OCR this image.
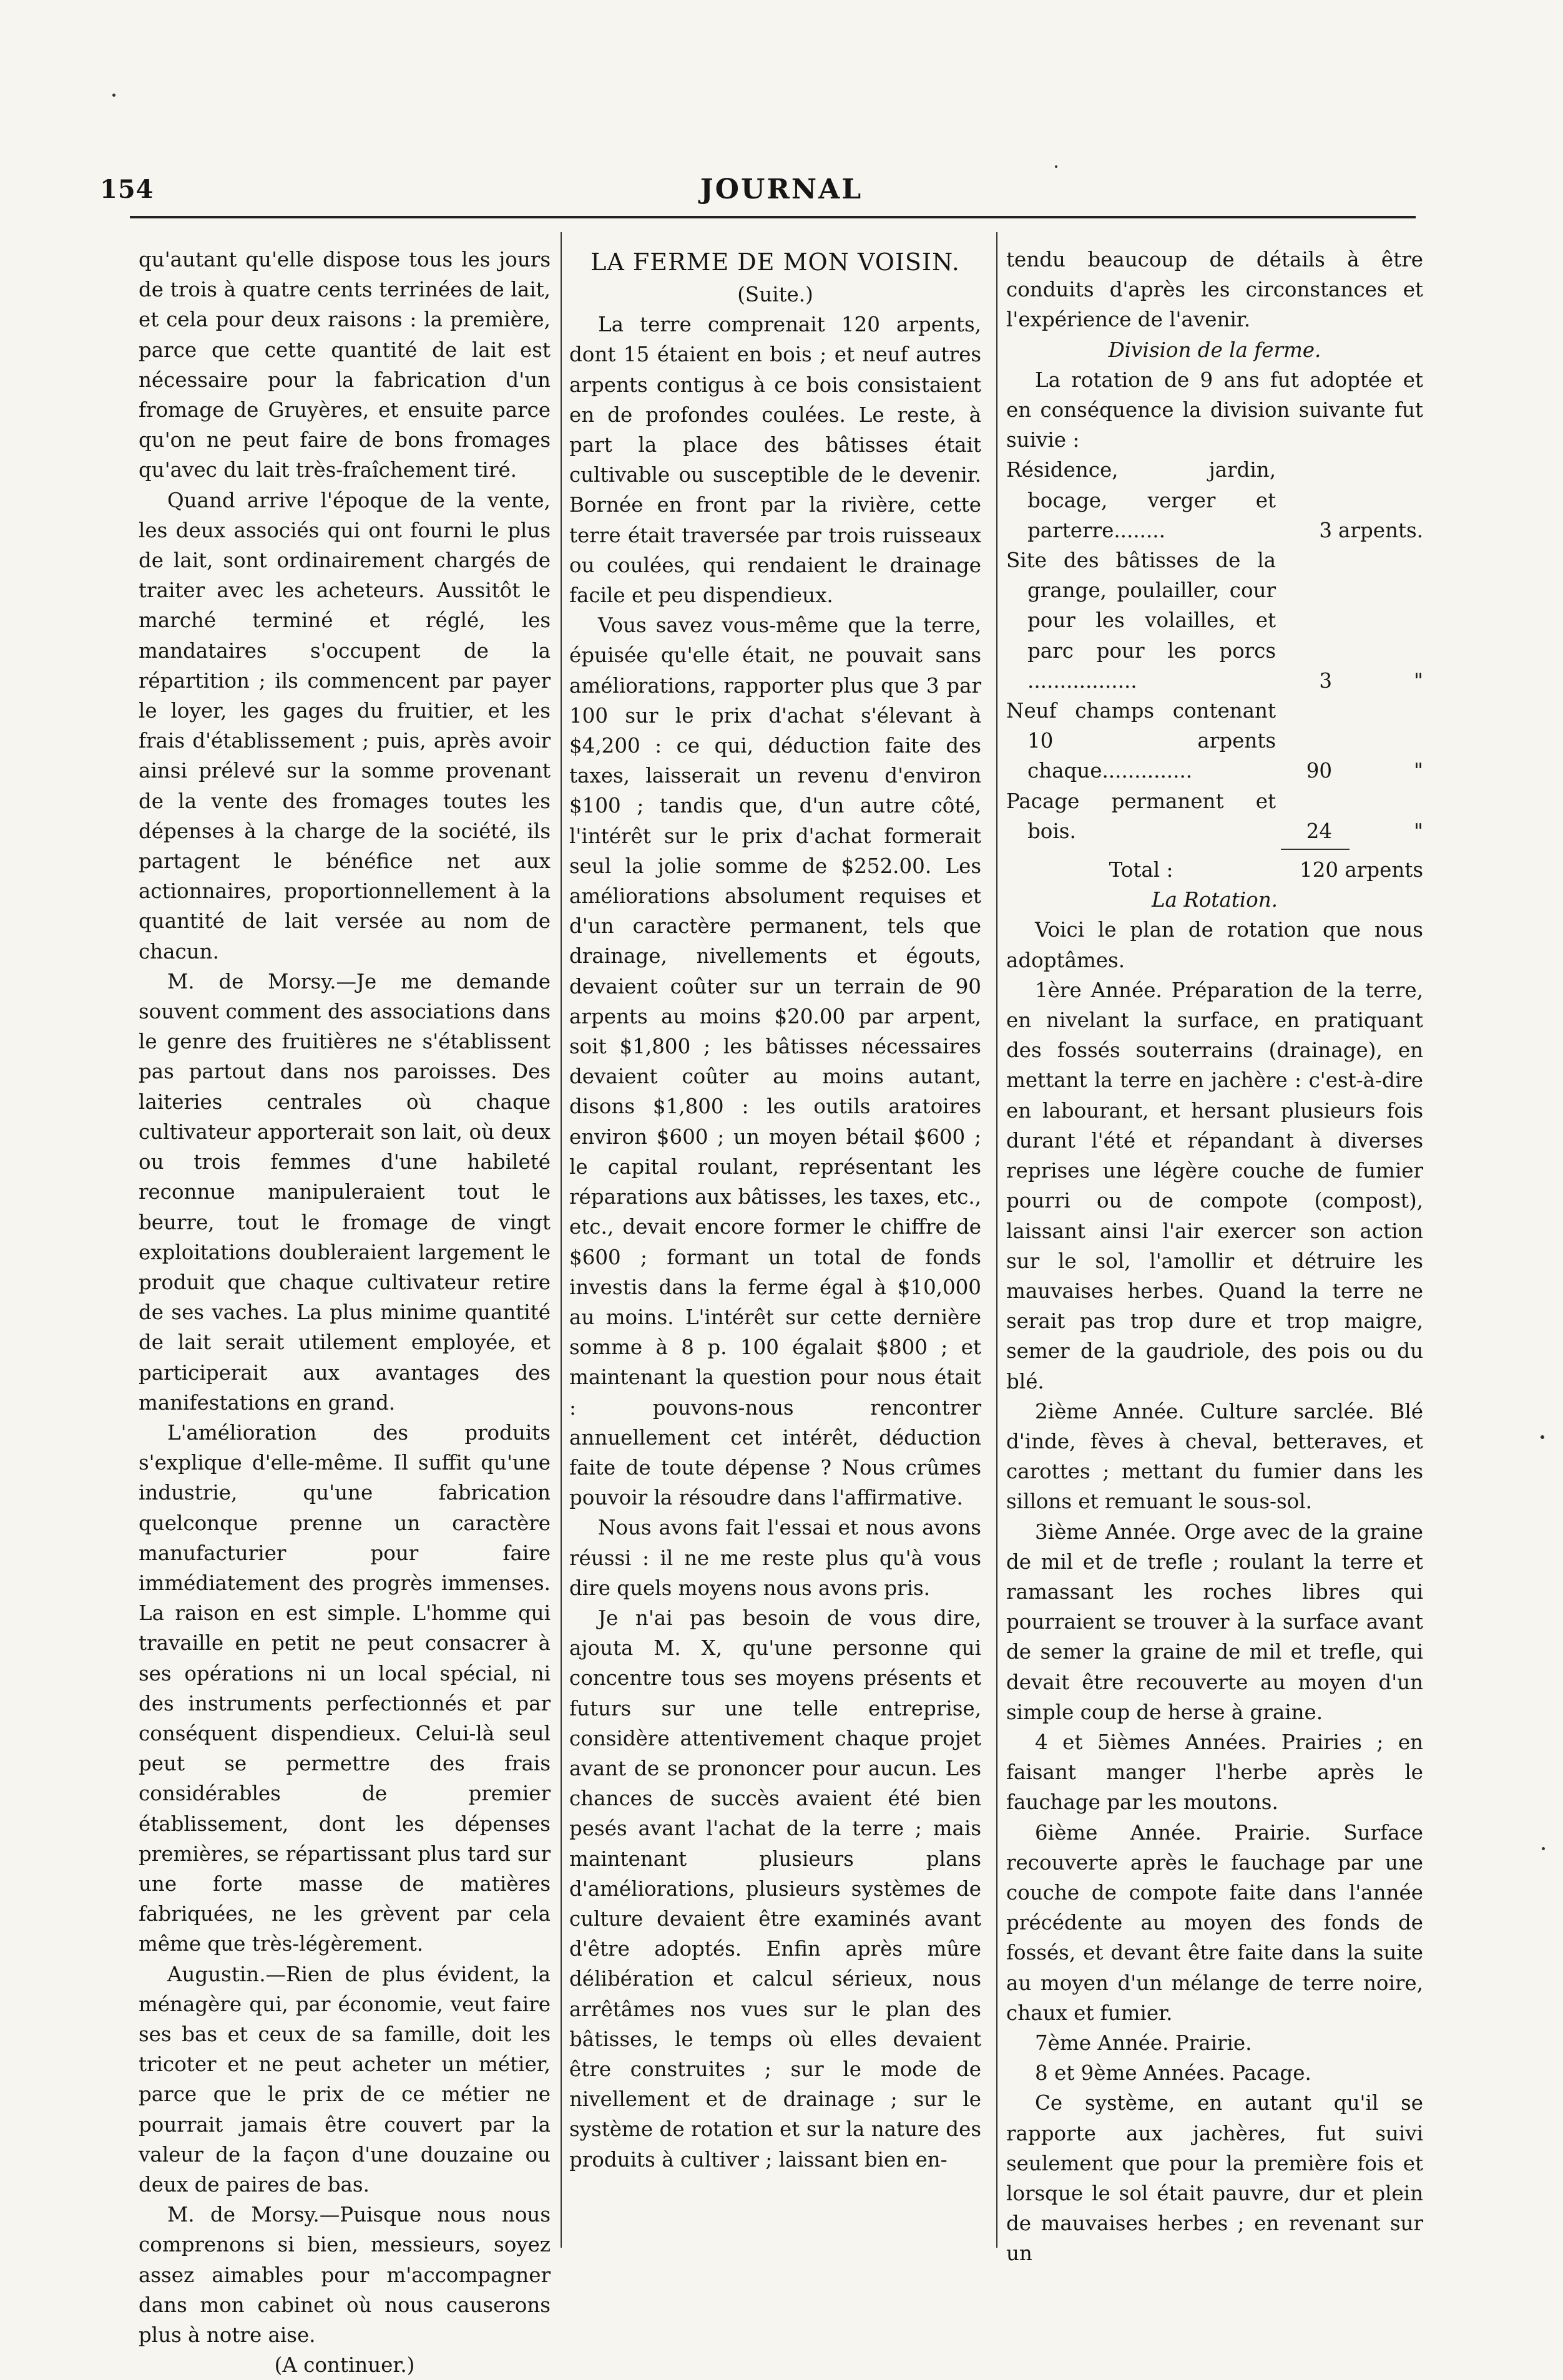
154	JOURNAL

qu'autant qu'elle dispose tous les jours de trois à quatre cents terrinées de lait, et cela pour deux raisons : la première, parce que cette quantité de lait est nécessaire pour la fabrication d'un fromage de Gruyères, et ensuite parce qu'on ne peut faire de bons fromages qu'avec du lait très-fraîchement tiré.

Quand arrive l'époque de la vente, les deux associés qui ont fourni le plus de lait, sont ordinairement chargés de traiter avec les acheteurs. Aussitôt le marché terminé et réglé, les mandataires s'occupent de la répartition ; ils commencent par payer le loyer, les gages du fruitier, et les frais d'établissement ; puis, après avoir ainsi prélevé sur la somme provenant de la vente des fromages toutes les dépenses à la charge de la société, ils partagent le bénéfice net aux actionnaires, proportionnellement à la quantité de lait versée au nom de chacun.

M. de Morsy.—Je me demande souvent comment des associations dans le genre des fruitières ne s'établissent pas partout dans nos paroisses. Des laiteries centrales où chaque cultivateur apporterait son lait, où deux ou trois femmes d'une habileté reconnue manipuleraient tout le beurre, tout le fromage de vingt exploitations doubleraient largement le produit que chaque cultivateur retire de ses vaches. La plus minime quantité de lait serait utilement employée, et participerait aux avantages des manifestations en grand.

L'amélioration des produits s'explique d'elle-même. Il suffit qu'une industrie, qu'une fabrication quelconque prenne un caractère manufacturier pour faire immédiatement des progrès immenses. La raison en est simple. L'homme qui travaille en petit ne peut consacrer à ses opérations ni un local spécial, ni des instruments perfectionnés et par conséquent dispendieux. Celui-là seul peut se permettre des frais considérables de premier établissement, dont les dépenses premières, se répartissant plus tard sur une forte masse de matières fabriquées, ne les grèvent par cela même que très-légèrement.

Augustin.—Rien de plus évident, la ménagère qui, par économie, veut faire ses bas et ceux de sa famille, doit les tricoter et ne peut acheter un métier, parce que le prix de ce métier ne pourrait jamais être couvert par la valeur de la façon d'une douzaine ou deux de paires de bas.

M. de Morsy.—Puisque nous nous comprenons si bien, messieurs, soyez assez aimables pour m'accompagner dans mon cabinet où nous causerons plus à notre aise.

(A continuer.)

LA FERME DE MON VOISIN.

(Suite.)

La terre comprenait 120 arpents, dont 15 étaient en bois ; et neuf autres arpents contigus à ce bois consistaient en de profondes coulées. Le reste, à part la place des bâtisses était cultivable ou susceptible de le devenir. Bornée en front par la rivière, cette terre était traversée par trois ruisseaux ou coulées, qui rendaient le drainage facile et peu dispendieux.

Vous savez vous-même que la terre, épuisée qu'elle était, ne pouvait sans améliorations, rapporter plus que 3 par 100 sur le prix d'achat s'élevant à $4,200 : ce qui, déduction faite des taxes, laisserait un revenu d'environ $100 ; tandis que, d'un autre côté, l'intérêt sur le prix d'achat formerait seul la jolie somme de $252.00. Les améliorations absolument requises et d'un caractère permanent, tels que drainage, nivellements et égouts, devaient coûter sur un terrain de 90 arpents au moins $20.00 par arpent, soit $1,800 ; les bâtisses nécessaires devaient coûter au moins autant, disons $1,800 : les outils aratoires environ $600 ; un moyen bétail $600 ; le capital roulant, représentant les réparations aux bâtisses, les taxes, etc., etc., devait encore former le chiffre de $600 ; formant un total de fonds investis dans la ferme égal à $10,000 au moins. L'intérêt sur cette dernière somme à 8 p. 100 égalait $800 ; et maintenant la question pour nous était : pouvons-nous rencontrer annuellement cet intérêt, déduction faite de toute dépense ? Nous crûmes pouvoir la résoudre dans l'affirmative.

Nous avons fait l'essai et nous avons réussi : il ne me reste plus qu'à vous dire quels moyens nous avons pris.

Je n'ai pas besoin de vous dire, ajouta M. X, qu'une personne qui concentre tous ses moyens présents et futurs sur une telle entreprise, considère attentivement chaque projet avant de se prononcer pour aucun. Les chances de succès avaient été bien pesés avant l'achat de la terre ; mais maintenant plusieurs plans d'améliorations, plusieurs systèmes de culture devaient être examinés avant d'être adoptés. Enfin après mûre délibération et calcul sérieux, nous arrêtâmes nos vues sur le plan des bâtisses, le temps où elles devaient être construites ; sur le mode de nivellement et de drainage ; sur le système de rotation et sur la nature des produits à cultiver ; laissant bien en-

tendu beaucoup de détails à être conduits d'après les circonstances et l'expérience de l'avenir.

Division de la ferme.

La rotation de 9 ans fut adoptée et en conséquence la division suivante fut suivie :

Résidence, jardin, bocage, verger et parterre........	3	arpents.
Site des bâtisses de la grange, poulailler, cour pour les volailles, et parc pour les porcs .................	3	"
Neuf champs contenant 10 arpents chaque..............	90	"
Pacage permanent et bois.	24	"

Total :	120 arpents	

La Rotation.

Voici le plan de rotation que nous adoptâmes.

1ère Année. Préparation de la terre, en nivelant la surface, en pratiquant des fossés souterrains (drainage), en mettant la terre en jachère : c'est-à-dire en labourant, et hersant plusieurs fois durant l'été et répandant à diverses reprises une légère couche de fumier pourri ou de compote (compost), laissant ainsi l'air exercer son action sur le sol, l'amollir et détruire les mauvaises herbes. Quand la terre ne serait pas trop dure et trop maigre, semer de la gaudriole, des pois ou du blé.

2ième Année. Culture sarclée. Blé d'inde, fèves à cheval, betteraves, et carottes ; mettant du fumier dans les sillons et remuant le sous-sol.

3ième Année. Orge avec de la graine de mil et de trefle ; roulant la terre et ramassant les roches libres qui pourraient se trouver à la surface avant de semer la graine de mil et trefle, qui devait être recouverte au moyen d'un simple coup de herse à graine.

4 et 5ièmes Années. Prairies ; en faisant manger l'herbe après le fauchage par les moutons.

6ième Année. Prairie. Surface recouverte après le fauchage par une couche de compote faite dans l'année précédente au moyen des fonds de fossés, et devant être faite dans la suite au moyen d'un mélange de terre noire, chaux et fumier.

7ème Année. Prairie.

8 et 9ème Années. Pacage.

Ce système, en autant qu'il se rapporte aux jachères, fut suivi seulement que pour la première fois et lorsque le sol était pauvre, dur et plein de mauvaises herbes ; en revenant sur un
